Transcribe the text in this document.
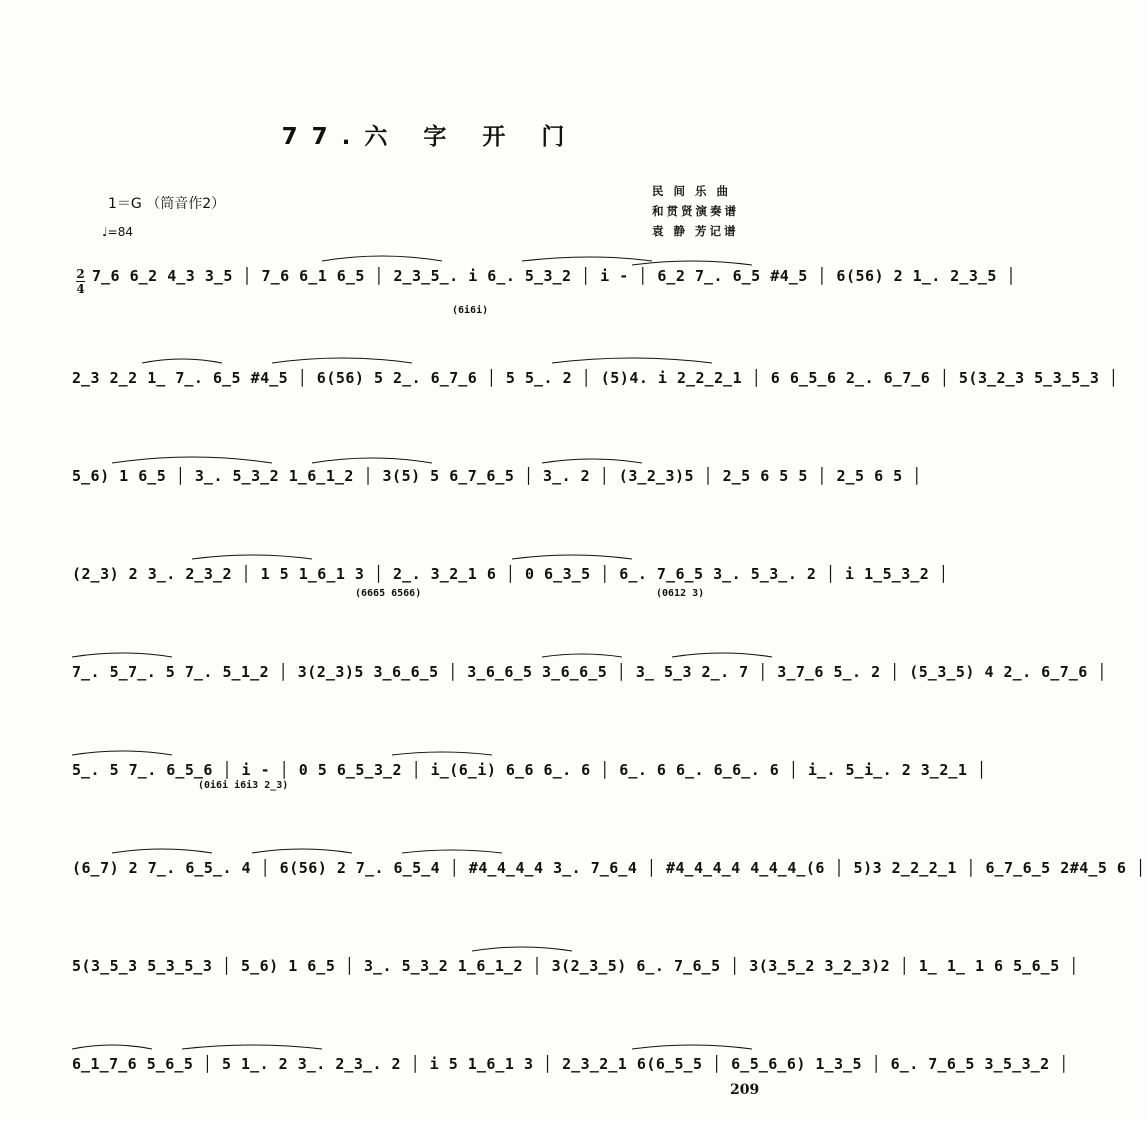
77.六 字 开 门
1＝G （筒音作2）
♩=84
民 间 乐 曲
和贯贤演奏谱
袁 静 芳记谱
2
4
7̲6 6̲2 4̲3 3̲5 │ 7̲6 6̲1 6̲5 │ 2̲3̲5̲. i 6̲. 5̲3̲2 │ i - │ 6̲2 7̲. 6̲5 #4̲5 │ 6(56) 2 1̲. 2̲3̲5 │
(6i6i)
2̲3 2̲2 1̲ 7̲. 6̲5 #4̲5 │ 6(56) 5 2̲. 6̲7̲6 │ 5 5̲. 2 │ (5)4. i 2̲2̲2̲1 │ 6 6̲5̲6 2̲. 6̲7̲6 │ 5(3̲2̲3 5̲3̲5̲3 │
5̲6) 1 6̲5 │ 3̲. 5̲3̲2 1̲6̲1̲2 │ 3(5) 5 6̲7̲6̲5 │ 3̲. 2 │ (3̲2̲3)5 │ 2̲5 6 5 5 │ 2̲5 6 5 │
(2̲3) 2 3̲. 2̲3̲2 │ 1 5 1̲6̲1 3 │ 2̲. 3̲2̲1 6 │ 0 6̲3̲5 │ 6̲. 7̲6̲5 3̲. 5̲3̲. 2 │ i 1̲5̲3̲2 │
(6665 6566)	(0612 3)
7̲. 5̲7̲. 5 7̲. 5̲1̲2 │ 3(2̲3)5 3̲6̲6̲5 │ 3̲6̲6̲5 3̲6̲6̲5 │ 3̲ 5̲3 2̲. 7 │ 3̲7̲6 5̲. 2 │ (5̲3̲5) 4 2̲. 6̲7̲6 │
5̲. 5 7̲. 6̲5̲6 │ i - │ 0 5 6̲5̲3̲2 │ i̲(6̲i) 6̲6 6̲. 6 │ 6̲. 6 6̲. 6̲6̲. 6 │ i̲. 5̲i̲. 2 3̲2̲1 │
(0i6i i6i3 2̲3)
(6̲7) 2 7̲. 6̲5̲. 4 │ 6(56) 2 7̲. 6̲5̲4 │ #4̲4̲4̲4 3̲. 7̲6̲4 │ #4̲4̲4̲4 4̲4̲4̲(6 │ 5)3 2̲2̲2̲1 │ 6̲7̲6̲5 2#4̲5 6 │
5(3̲5̲3 5̲3̲5̲3 │ 5̲6) 1 6̲5 │ 3̲. 5̲3̲2 1̲6̲1̲2 │ 3(2̲3̲5) 6̲. 7̲6̲5 │ 3(3̲5̲2 3̲2̲3)2 │ 1̲ 1̲ 1 6 5̲6̲5 │
6̲1̲7̲6 5̲6̲5 │ 5 1̲. 2 3̲. 2̲3̲. 2 │ i 5 1̲6̲1 3 │ 2̲3̲2̲1 6(6̲5̲5 │ 6̲5̲6̲6) 1̲3̲5 │ 6̲. 7̲6̲5 3̲5̲3̲2 │
209
